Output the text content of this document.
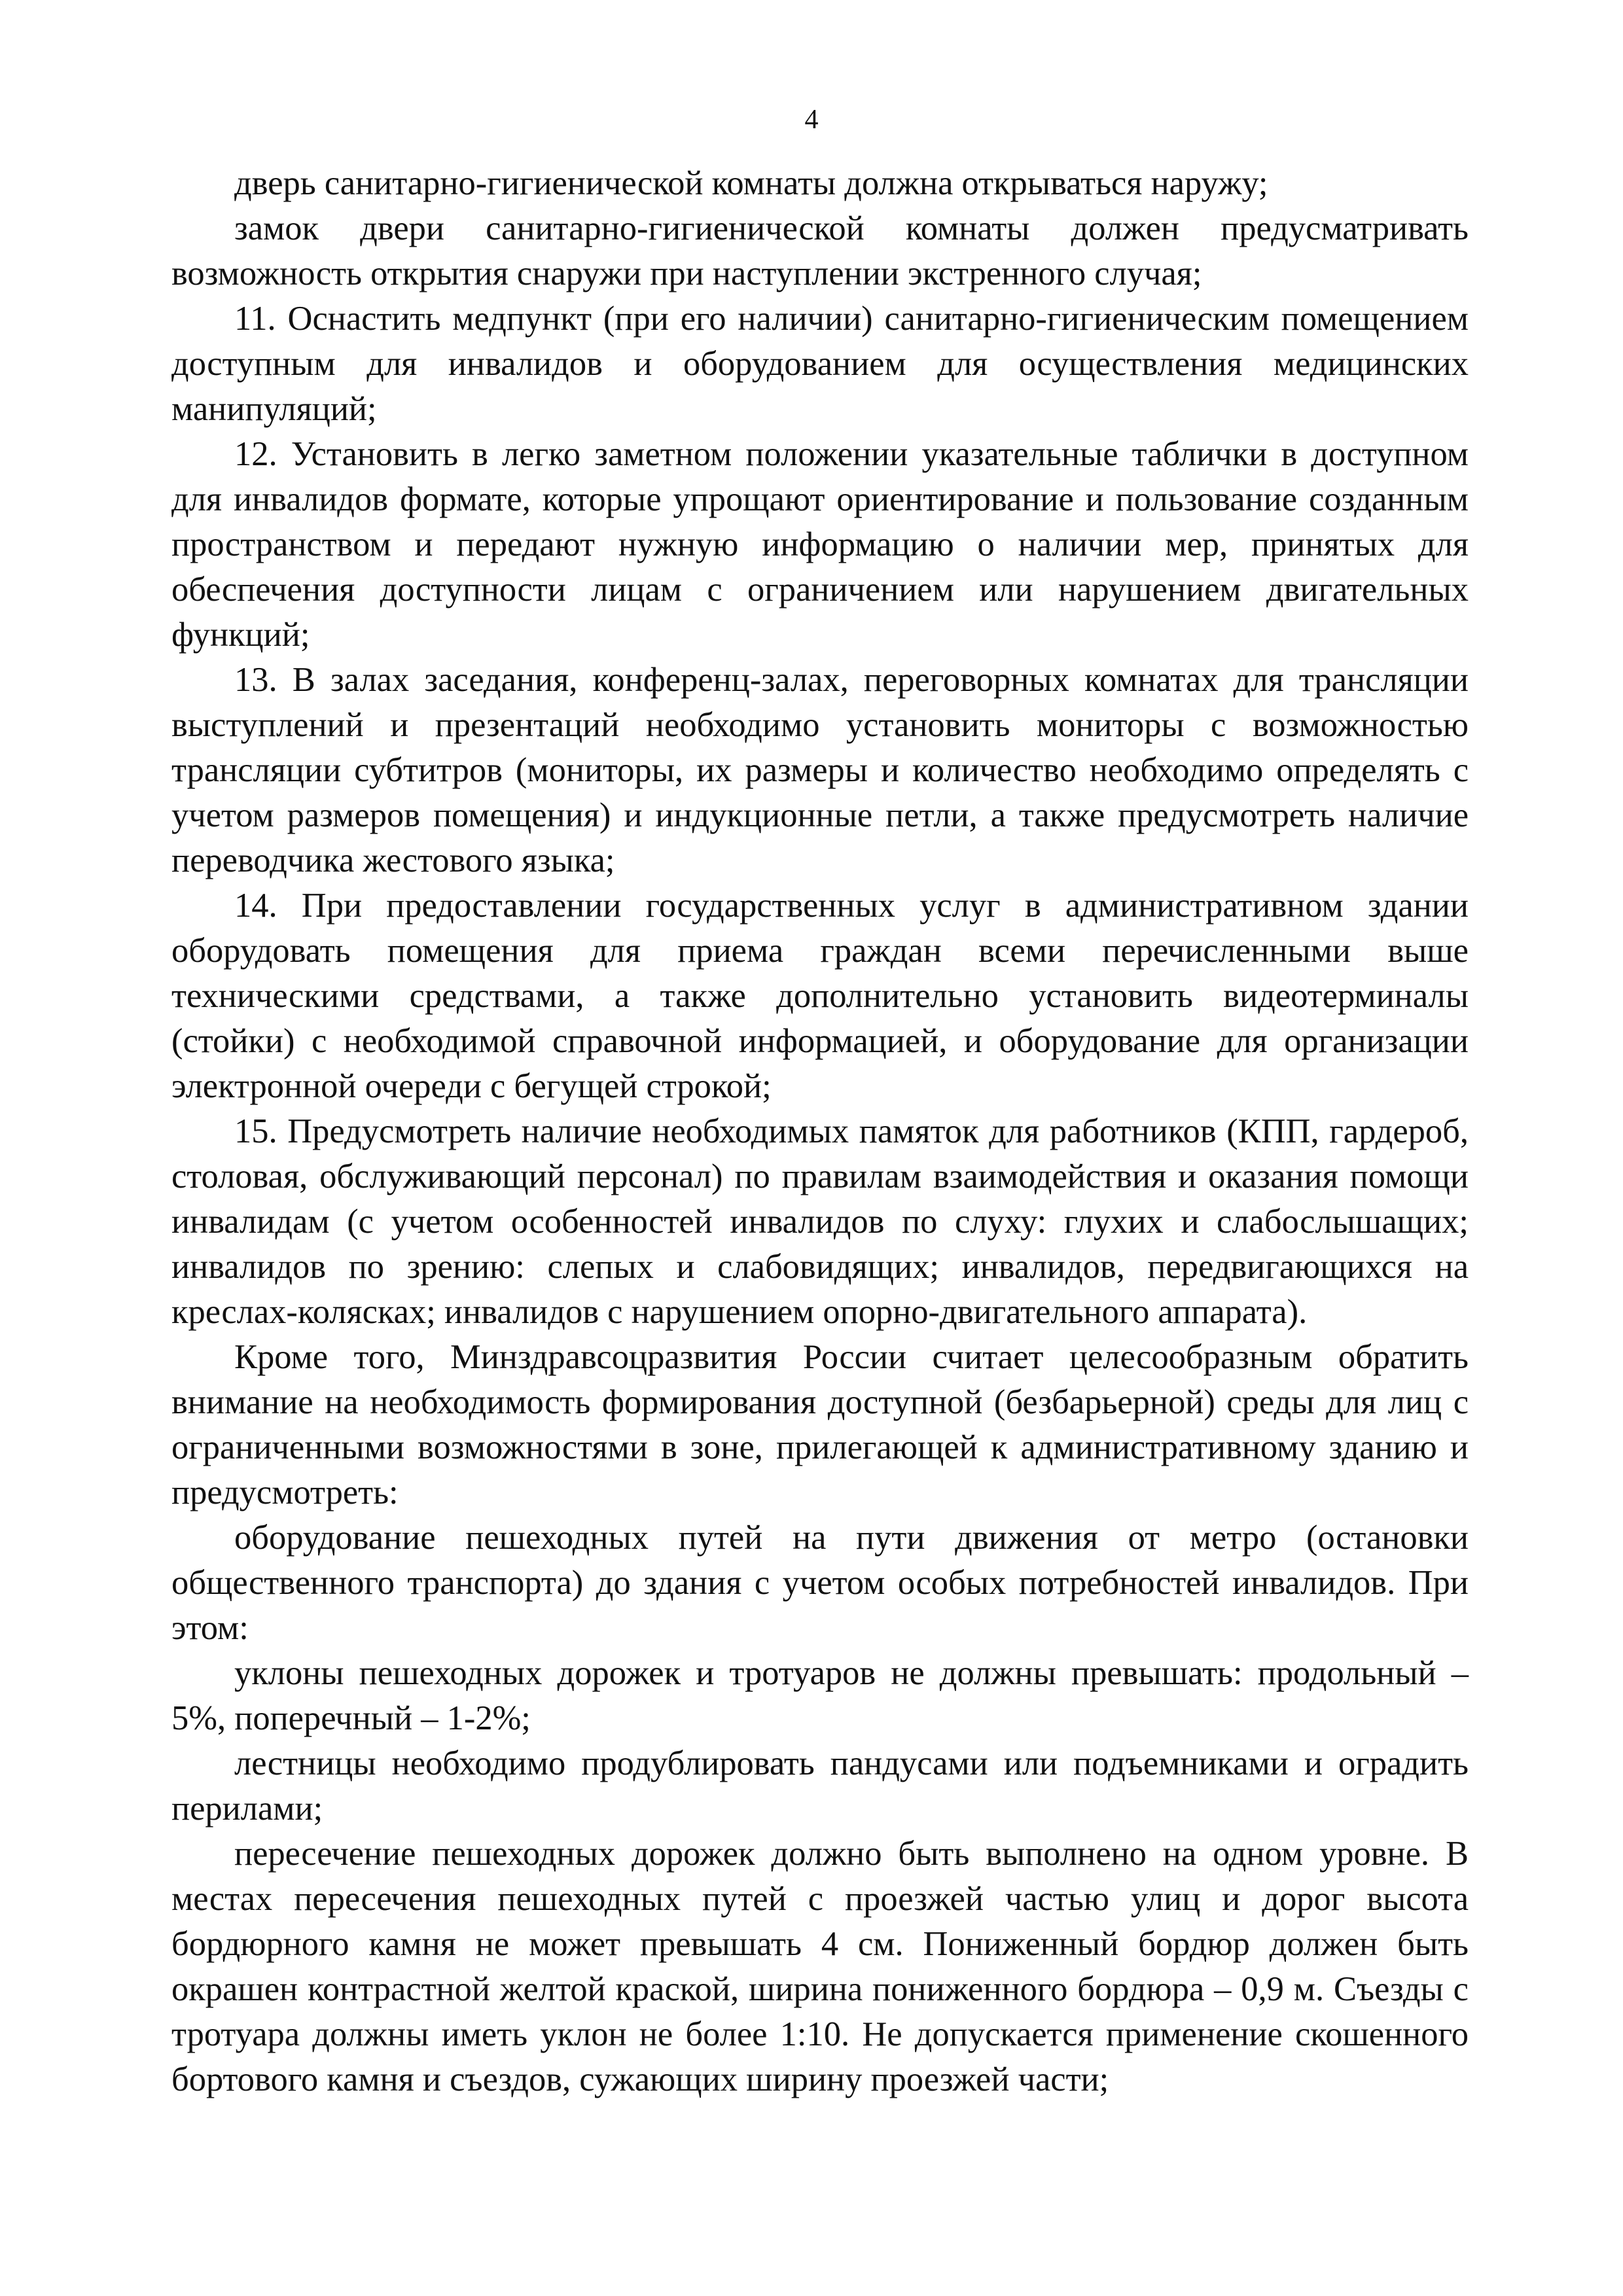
4

дверь санитарно-гигиенической комнаты должна открываться наружу;

замок двери санитарно-гигиенической комнаты должен предусматривать возможность открытия снаружи при наступлении экстренного случая;

11. Оснастить медпункт (при его наличии) санитарно-гигиеническим помещением доступным для инвалидов и оборудованием для осуществления медицинских манипуляций;

12. Установить в легко заметном положении указательные таблички в доступном для инвалидов формате, которые упрощают ориентирование и пользование созданным пространством и передают нужную информацию о наличии мер, принятых для обеспечения доступности лицам с ограничением или нарушением двигательных функций;

13. В залах заседания, конференц-залах, переговорных комнатах для трансляции выступлений и презентаций необходимо установить мониторы с возможностью трансляции субтитров (мониторы, их размеры и количество необходимо определять с учетом размеров помещения) и индукционные петли, а также предусмотреть наличие переводчика жестового языка;

14. При предоставлении государственных услуг в административном здании оборудовать помещения для приема граждан всеми перечисленными выше техническими средствами, а также дополнительно установить видеотерминалы (стойки) с необходимой справочной информацией, и оборудование для организации электронной очереди с бегущей строкой;

15. Предусмотреть наличие необходимых памяток для работников (КПП, гардероб, столовая, обслуживающий персонал) по правилам взаимодействия и оказания помощи инвалидам (с учетом особенностей инвалидов по слуху: глухих и слабослышащих; инвалидов по зрению: слепых и слабовидящих; инвалидов, передвигающихся на креслах-колясках; инвалидов с нарушением опорно-двигательного аппарата).

Кроме того, Минздравсоцразвития России считает целесообразным обратить внимание на необходимость формирования доступной (безбарьерной) среды для лиц с ограниченными возможностями в зоне, прилегающей к административному зданию и предусмотреть:

оборудование пешеходных путей на пути движения от метро (остановки общественного транспорта) до здания с учетом особых потребностей инвалидов. При этом:

уклоны пешеходных дорожек и тротуаров не должны превышать: продольный – 5%, поперечный – 1-2%;

лестницы необходимо продублировать пандусами или подъемниками и оградить перилами;

пересечение пешеходных дорожек должно быть выполнено на одном уровне. В местах пересечения пешеходных путей с проезжей частью улиц и дорог высота бордюрного камня не может превышать 4 см. Пониженный бордюр должен быть окрашен контрастной желтой краской, ширина пониженного бордюра – 0,9 м. Съезды с тротуара должны иметь уклон не более 1:10. Не допускается применение скошенного бортового камня и съездов, сужающих ширину проезжей части;
